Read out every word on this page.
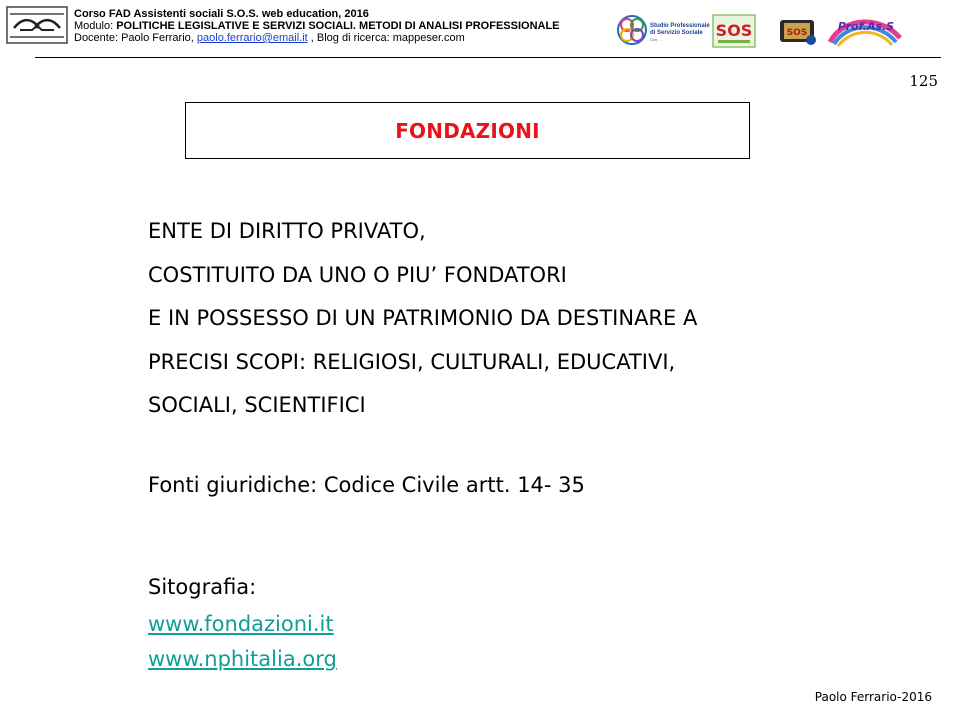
Corso FAD Assistenti sociali S.O.S. web education, 2016
Modulo: POLITICHE LEGISLATIVE E SERVIZI SOCIALI. METODI DI ANALISI PROFESSIONALE
Docente: Paolo Ferrario, paolo.ferrario@email.it , Blog di ricerca: mappeser.com
Studio Professionale
di Servizio Sociale
Dott. ...	SOS	SOS	Prof.As.S
125
FONDAZIONI
ENTE DI DIRITTO PRIVATO,
COSTITUITO DA UNO O PIU’ FONDATORI
E IN POSSESSO DI UN PATRIMONIO DA DESTINARE A
PRECISI SCOPI: RELIGIOSI, CULTURALI, EDUCATIVI,
SOCIALI, SCIENTIFICI
Fonti giuridiche: Codice Civile artt. 14- 35
Sitografia:
www.fondazioni.it
www.nphitalia.org
Paolo Ferrario-2016
